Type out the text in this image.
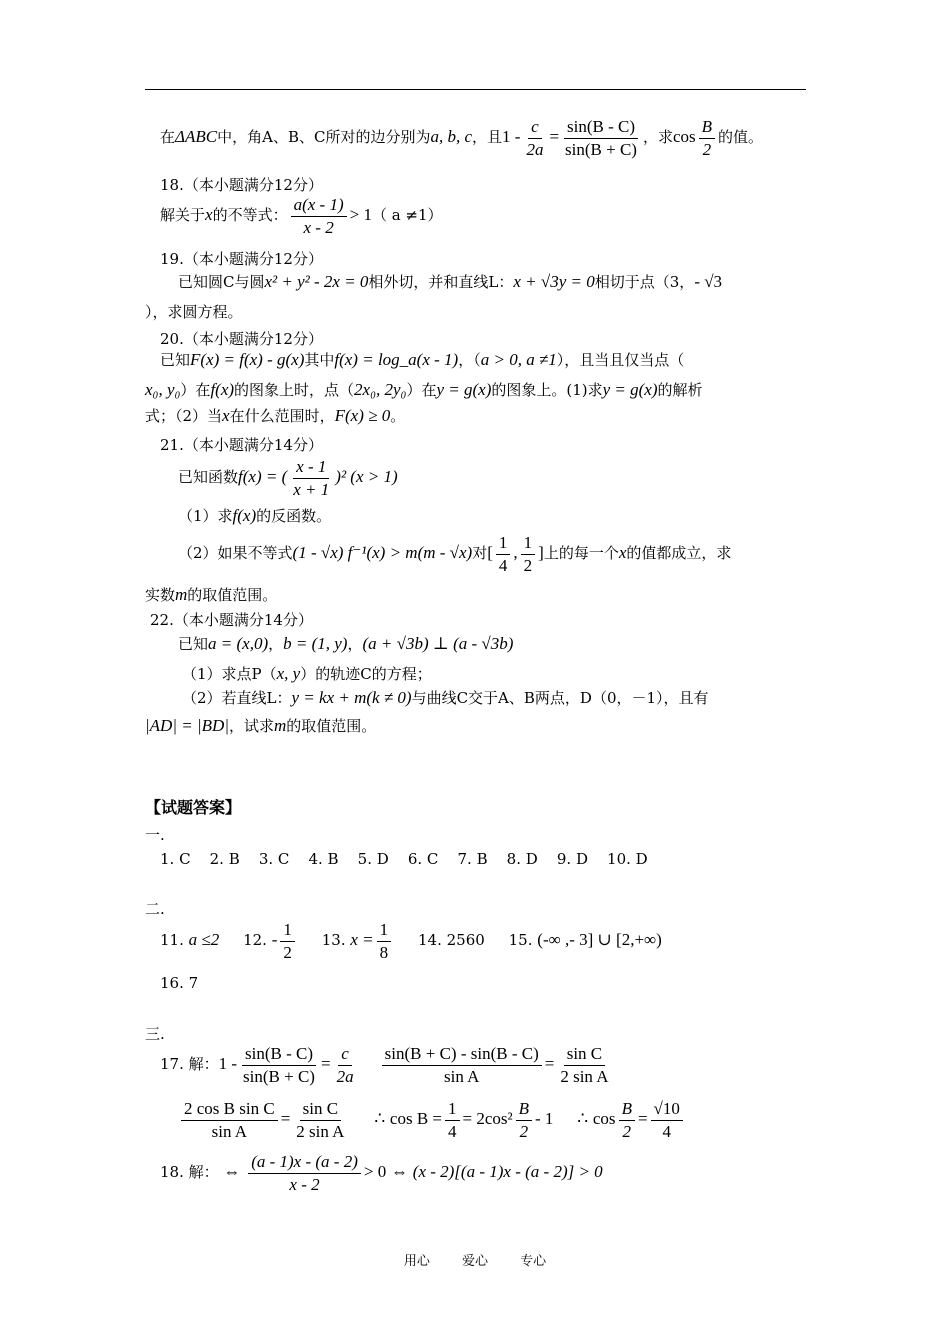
在ΔABC中，角A、B、C所对的边分别为a, b, c，且$1 - \frac{c}{2a} = \frac{\sin(B - C)}{\sin(B + C)}$ ，求$\cos \frac{B}{2}$ 的值。
18.（本小题满分12分）
解关于x的不等式： $\frac{a(x - 1)}{x - 2} > 1$（ a ≠1）
19.（本小题满分12分）
已知圆C与圆x² + y² - 2x = 0相外切，并和直线L：x + √3y = 0相切于点（3，- √3
），求圆方程。
20.（本小题满分12分）
已知F(x) = f(x) - g(x)其中f(x) = log_a(x - 1)，（a > 0, a ≠1），且当且仅当点（
x₀, y₀）在f(x)的图象上时，点（2x₀, 2y₀）在y = g(x)的图象上。(1)求y = g(x)的解析
式；（2）当x在什么范围时，F(x) ≥ 0。
21.（本小题满分14分）
已知函数f(x) = ( $\frac{x - 1}{x + 1} )^2$ (x > 1)
（1）求f(x)的反函数。
（2）如果不等式(1 - √x) f⁻¹(x) > m(m - √x)对[ $\frac{1}{4}$ , $\frac{1}{2}$ ]上的每一个x的值都成立，求
实数m的取值范围。
22.（本小题满分14分）
已知a = (x,0)，b = (1, y)，(a + √3b) ⊥ (a - √3b)
（1）求点P（x, y）的轨迹C的方程；
（2）若直线L：y = kx + m(k ≠ 0)与曲线C交于A、B两点，D（0，－1），且有
|AD| = |BD|，试求m的取值范围。
【试题答案】
一.
1. C 2. B 3. C 4. B 5. D 6. C 7. B 8. D 9. D 10. D
二.
11. a ≤2 12. - $\frac{1}{2} 13$. $x = \frac{1}{8} 14$. 2560 15. (-∞ ,- 3] ∪ [2,+∞)
16. 7
三.
17. 解：$1 - \frac{\sin(B - C)}{\sin(B + C)} = \frac{c}{2a}$
$\frac{\sin(B + C) - \sin(B - C)}{\text{sin A}} = \frac{\text{sin C}}{\text{2 sin A}}$
$\frac{\text{2 cos B sin C}}{\text{sin A}} = \frac{\text{sin C}}{\text{2 sin A}}$ ∴ $\cos B = \frac{1}{4} = 2\cos^2 \frac{B}{2} - 1$ ∴ $\cos \frac{B}{2} = \frac{√10}{4}$
18. 解： ⇔ $\frac{(a - 1)x - (a - 2)}{x - 2} > 0$ ⇔ (x - 2)[(a - 1)x - (a - 2)] > 0
用心 爱心 专心
